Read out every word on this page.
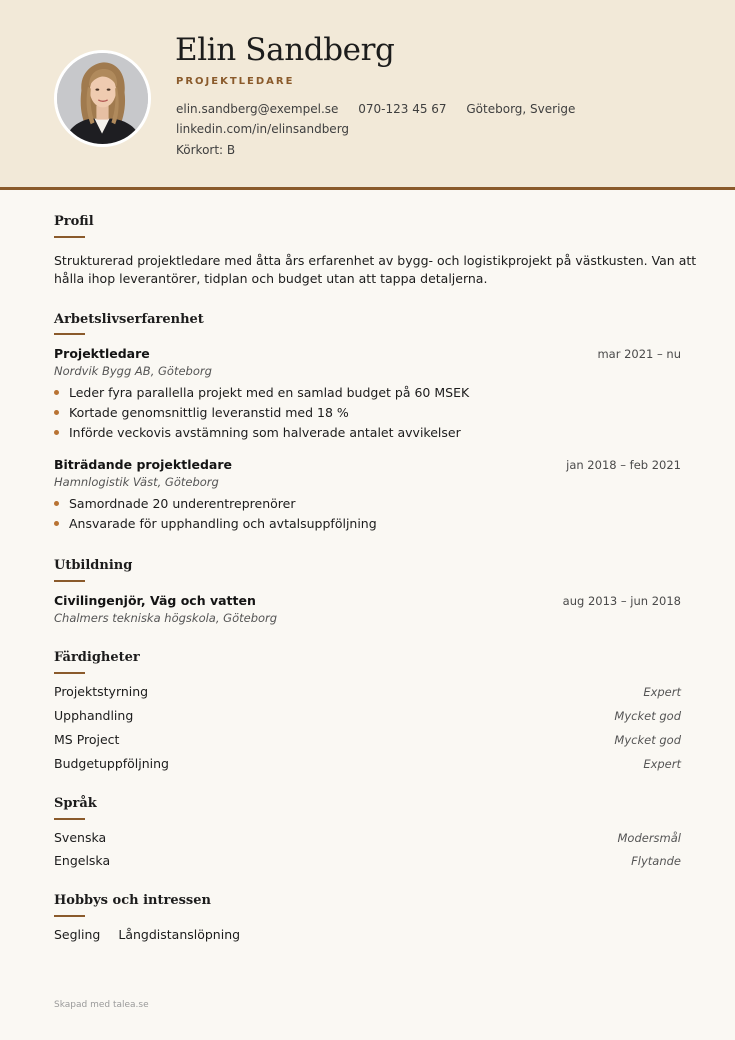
Elin Sandberg
PROJEKTLEDARE
elin.sandberg@exempel.se 070-123 45 67 Göteborg, Sverige
linkedin.com/in/elinsandberg
Körkort: B
Profil
Strukturerad projektledare med åtta års erfarenhet av bygg- och logistikprojekt på västkusten. Van att
hålla ihop leverantörer, tidplan och budget utan att tappa detaljerna.
Arbetslivserfarenhet
Projektledare	mar 2021 – nu
Nordvik Bygg AB, Göteborg
Leder fyra parallella projekt med en samlad budget på 60 MSEK
Kortade genomsnittlig leveranstid med 18 %
Införde veckovis avstämning som halverade antalet avvikelser
Biträdande projektledare	jan 2018 – feb 2021
Hamnlogistik Väst, Göteborg
Samordnade 20 underentreprenörer
Ansvarade för upphandling och avtalsuppföljning
Utbildning
Civilingenjör, Väg och vatten	aug 2013 – jun 2018
Chalmers tekniska högskola, Göteborg
Färdigheter
Projektstyrning	Expert
Upphandling	Mycket god
MS Project	Mycket god
Budgetuppföljning	Expert
Språk
Svenska	Modersmål
Engelska	Flytande
Hobbys och intressen
Segling Långdistanslöpning
Skapad med talea.se
